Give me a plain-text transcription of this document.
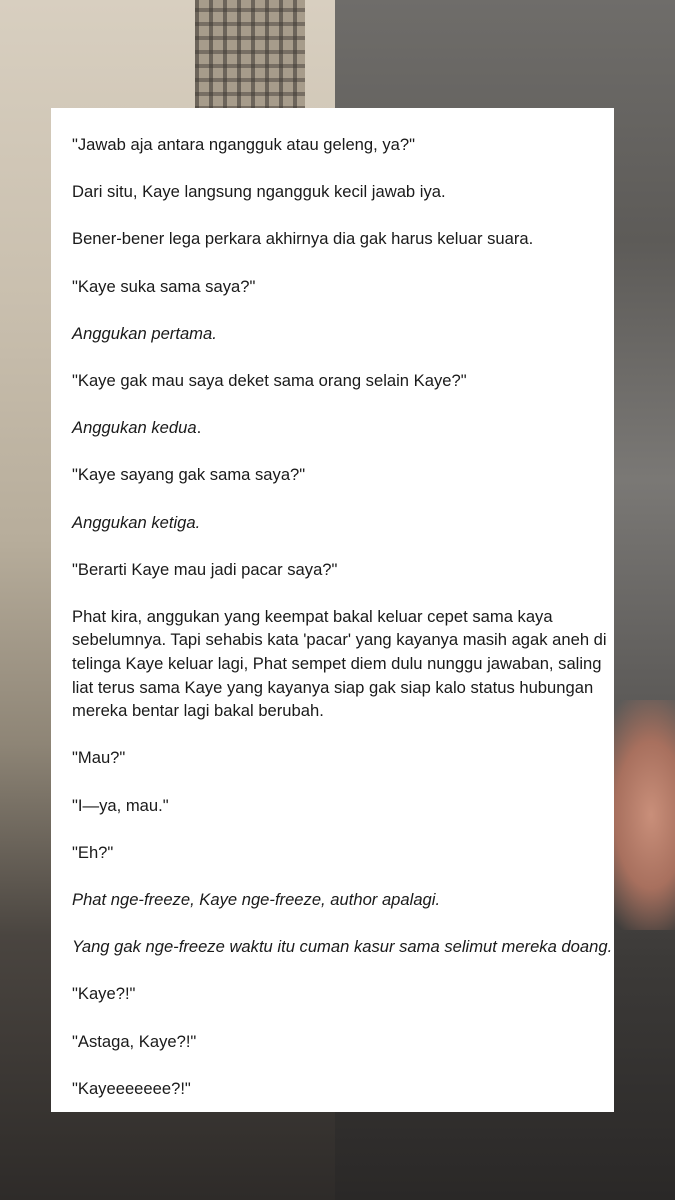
"Jawab aja antara ngangguk atau geleng, ya?"

Dari situ, Kaye langsung ngangguk kecil jawab iya.

Bener-bener lega perkara akhirnya dia gak harus keluar suara.

"Kaye suka sama saya?"

Anggukan pertama.

"Kaye gak mau saya deket sama orang selain Kaye?"

Anggukan kedua.

"Kaye sayang gak sama saya?"

Anggukan ketiga.

"Berarti Kaye mau jadi pacar saya?"

Phat kira, anggukan yang keempat bakal keluar cepet sama kaya sebelumnya. Tapi sehabis kata 'pacar' yang kayanya masih agak aneh di telinga Kaye keluar lagi, Phat sempet diem dulu nunggu jawaban, saling liat terus sama Kaye yang kayanya siap gak siap kalo status hubungan mereka bentar lagi bakal berubah.

"Mau?"

"I—ya, mau."

"Eh?"

Phat nge-freeze, Kaye nge-freeze, author apalagi.

Yang gak nge-freeze waktu itu cuman kasur sama selimut mereka doang.

"Kaye?!"

"Astaga, Kaye?!"

"Kayeeeeeee?!"
